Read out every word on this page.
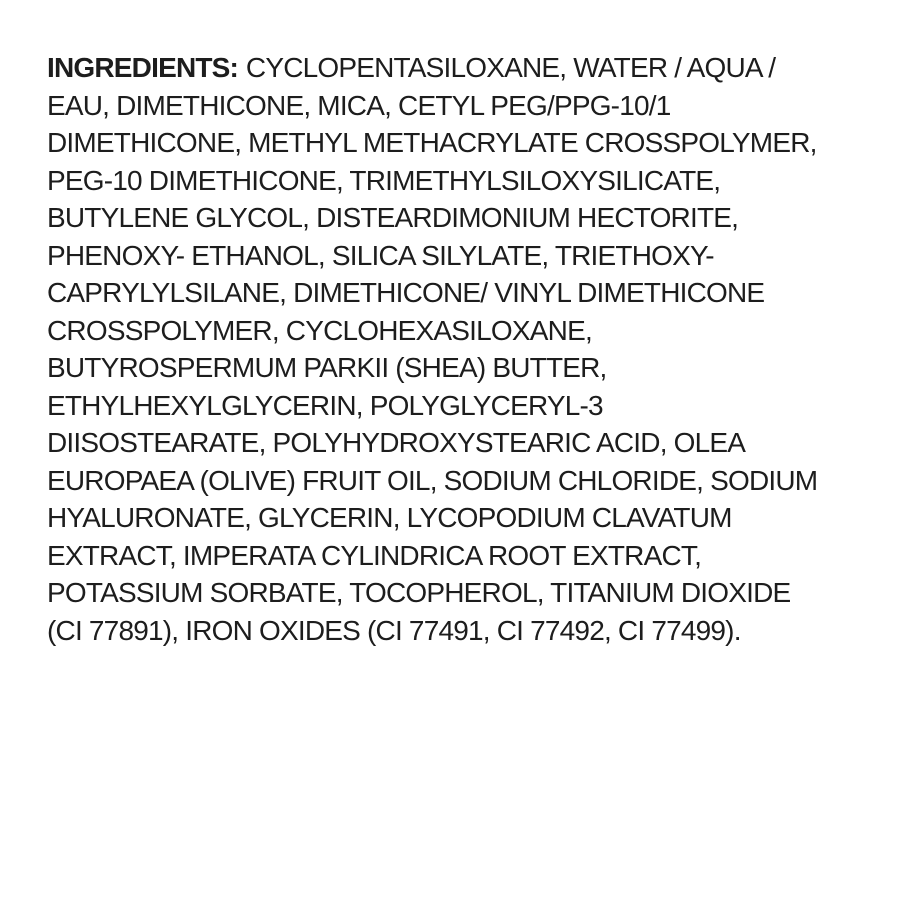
INGREDIENTS: CYCLOPENTASILOXANE, WATER / AQUA /
EAU, DIMETHICONE, MICA, CETYL PEG/PPG-10/1
DIMETHICONE, METHYL METHACRYLATE CROSSPOLYMER,
PEG-10 DIMETHICONE, TRIMETHYLSILOXYSILICATE,
BUTYLENE GLYCOL, DISTEARDIMONIUM HECTORITE,
PHENOXY- ETHANOL, SILICA SILYLATE, TRIETHOXY-
CAPRYLYLSILANE, DIMETHICONE/ VINYL DIMETHICONE
CROSSPOLYMER, CYCLOHEXASILOXANE,
BUTYROSPERMUM PARKII (SHEA) BUTTER,
ETHYLHEXYLGLYCERIN, POLYGLYCERYL-3
DIISOSTEARATE, POLYHYDROXYSTEARIC ACID, OLEA
EUROPAEA (OLIVE) FRUIT OIL, SODIUM CHLORIDE, SODIUM
HYALURONATE, GLYCERIN, LYCOPODIUM CLAVATUM
EXTRACT, IMPERATA CYLINDRICA ROOT EXTRACT,
POTASSIUM SORBATE, TOCOPHEROL, TITANIUM DIOXIDE
(CI 77891), IRON OXIDES (CI 77491, CI 77492, CI 77499).
